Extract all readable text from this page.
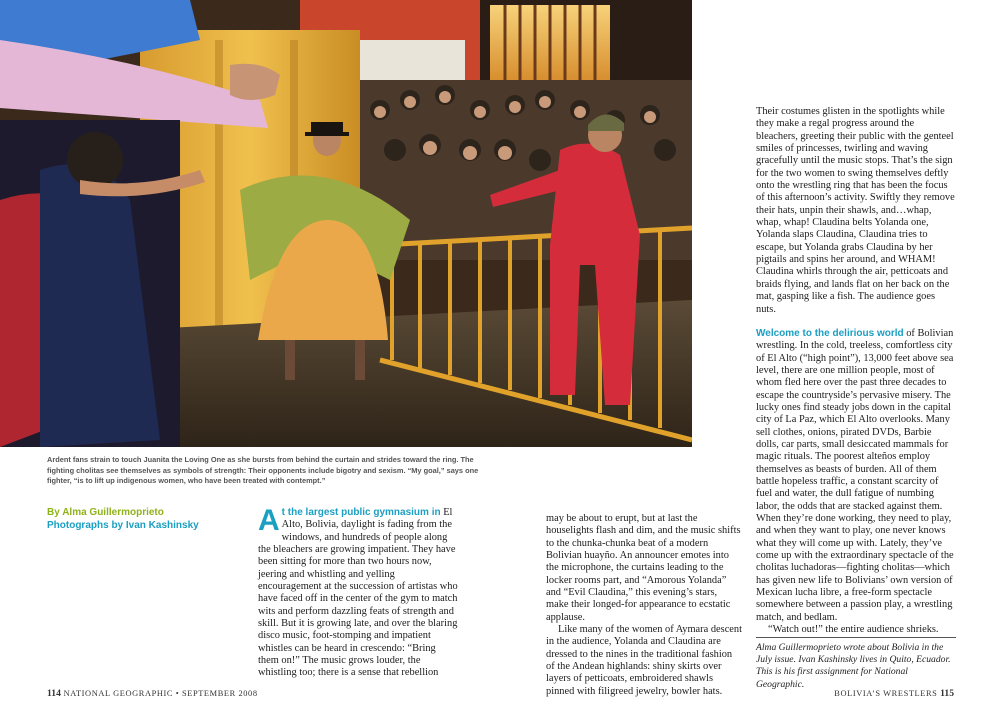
Ardent fans strain to touch Juanita the Loving One as she bursts from behind the curtain and strides toward the ring. The fighting cholitas see themselves as symbols of strength: Their opponents include bigotry and sexism. “My goal,” says one fighter, “is to lift up indigenous women, who have been treated with contempt.”
By Alma Guillermoprieto
Photographs by Ivan Kashinsky At the largest public gymnasium in El Alto, Bolivia, daylight is fading from the windows, and hundreds of people along the bleachers are growing impatient. They have been sitting for more than two hours now, jeering and whistling and yelling encouragement at the succession of artistas who have faced off in the center of the gym to match wits and perform dazzling feats of strength and skill. But it is growing late, and over the blaring disco music, foot-stomping and impatient whistles can be heard in crescendo: “Bring them on!” The music grows louder, the whistling too; there is a sense that rebellion

may be about to erupt, but at last the houselights flash and dim, and the music shifts to the chunka-chunka beat of a modern Bolivian huayño. An announcer emotes into the microphone, the curtains leading to the locker rooms part, and “Amorous Yolanda” and “Evil Claudina,” this evening’s stars, make their longed-for appearance to ecstatic applause.

Like many of the women of Aymara descent in the audience, Yolanda and Claudina are dressed to the nines in the traditional fashion of the Andean highlands: shiny skirts over layers of petticoats, embroidered shawls pinned with filigreed jewelry, bowler hats.

Their costumes glisten in the spotlights while they make a regal progress around the bleachers, greeting their public with the genteel smiles of princesses, twirling and waving gracefully until the music stops. That’s the sign for the two women to swing themselves deftly onto the wrestling ring that has been the focus of this afternoon’s activity. Swiftly they remove their hats, unpin their shawls, and…whap, whap, whap! Claudina belts Yolanda one, Yolanda slaps Claudina, Claudina tries to escape, but Yolanda grabs Claudina by her pigtails and spins her around, and WHAM! Claudina whirls through the air, petticoats and braids flying, and lands flat on her back on the mat, gasping like a fish. The audience goes nuts.

Welcome to the delirious world of Bolivian wrestling. In the cold, treeless, comfortless city of El Alto (“high point”), 13,000 feet above sea level, there are one million people, most of whom fled here over the past three decades to escape the countryside’s pervasive misery. The lucky ones find steady jobs down in the capital city of La Paz, which El Alto overlooks. Many sell clothes, onions, pirated DVDs, Barbie dolls, car parts, small desiccated mammals for magic rituals. The poorest alteños employ themselves as beasts of burden. All of them battle hopeless traffic, a constant scarcity of fuel and water, the dull fatigue of numbing labor, the odds that are stacked against them. When they’re done working, they need to play, and when they want to play, one never knows what they will come up with. Lately, they’ve come up with the extraordinary spectacle of the cholitas luchadoras—fighting cholitas—which has given new life to Bolivians’ own version of Mexican lucha libre, a free-form spectacle somewhere between a passion play, a wrestling match, and bedlam.

“Watch out!” the entire audience shrieks.

Alma Guillermoprieto wrote about Bolivia in the July issue. Ivan Kashinsky lives in Quito, Ecuador. This is his first assignment for National Geographic.
114 NATIONAL GEOGRAPHIC • SEPTEMBER 2008	BOLIVIA’S WRESTLERS 115
